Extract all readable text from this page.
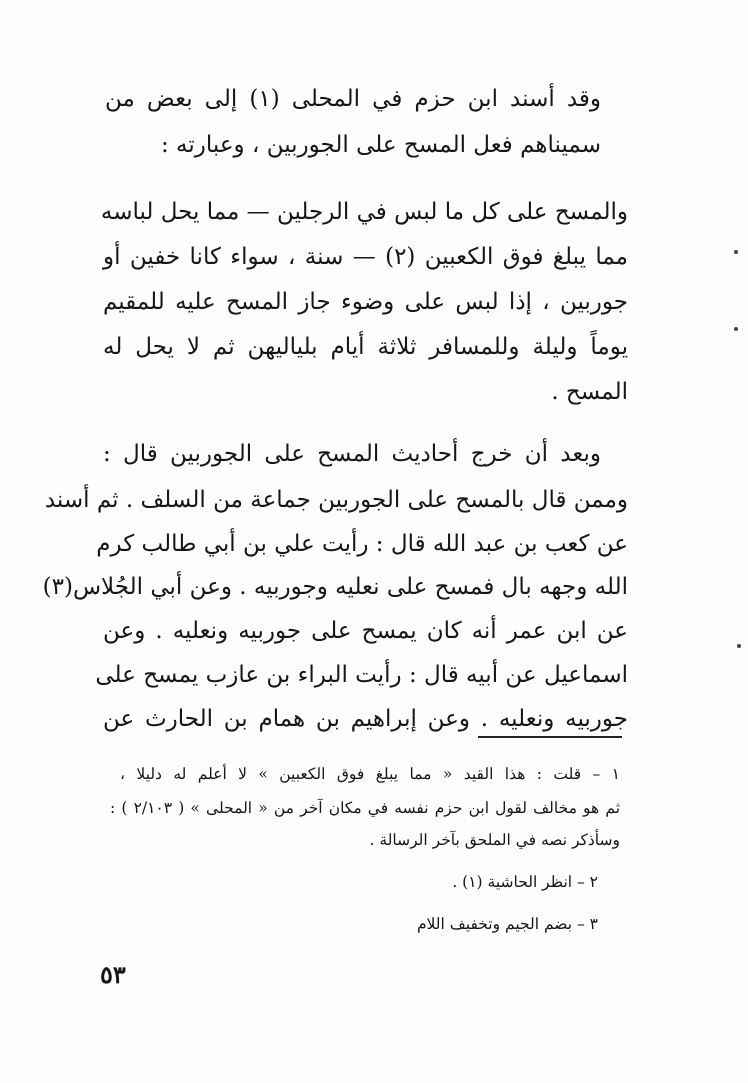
وقد أسند ابن حزم في المحلى (١) إلى بعض من
سميناهم فعل المسح على الجوربين ، وعبارته :
والمسح على كل ما لبس في الرجلين — مما يحل لباسه
مما يبلغ فوق الكعبين (٢) — سنة ، سواء كانا خفين أو
جوربين ، إذا لبس على وضوء جاز المسح عليه للمقيم
يوماً وليلة وللمسافر ثلاثة أيام بلياليهن ثم لا يحل له
المسح .
وبعد أن خرج أحاديث المسح على الجوربين قال :
وممن قال بالمسح على الجوربين جماعة من السلف . ثم أسند
عن كعب بن عبد الله قال : رأيت علي بن أبي طالب كرم
الله وجهه بال فمسح على نعليه وجوربيه . وعن أبي الجُلاس(٣)
عن ابن عمر أنه كان يمسح على جوربيه ونعليه . وعن
اسماعيل عن أبيه قال : رأيت البراء بن عازب يمسح على
جوربيه ونعليه . وعن إبراهيم بن همام بن الحارث عن
١ – قلت : هذا القيد « مما يبلغ فوق الكعبين » لا أعلم له دليلا ،
ثم هو مخالف لقول ابن حزم نفسه في مكان آخر من « المحلى » ( ٢/١٠٣ ) :
وسأذكر نصه في الملحق بآخر الرسالة .
٢ – انظر الحاشية (١) .
٣ – بضم الجيم وتخفيف اللام
٥٣
